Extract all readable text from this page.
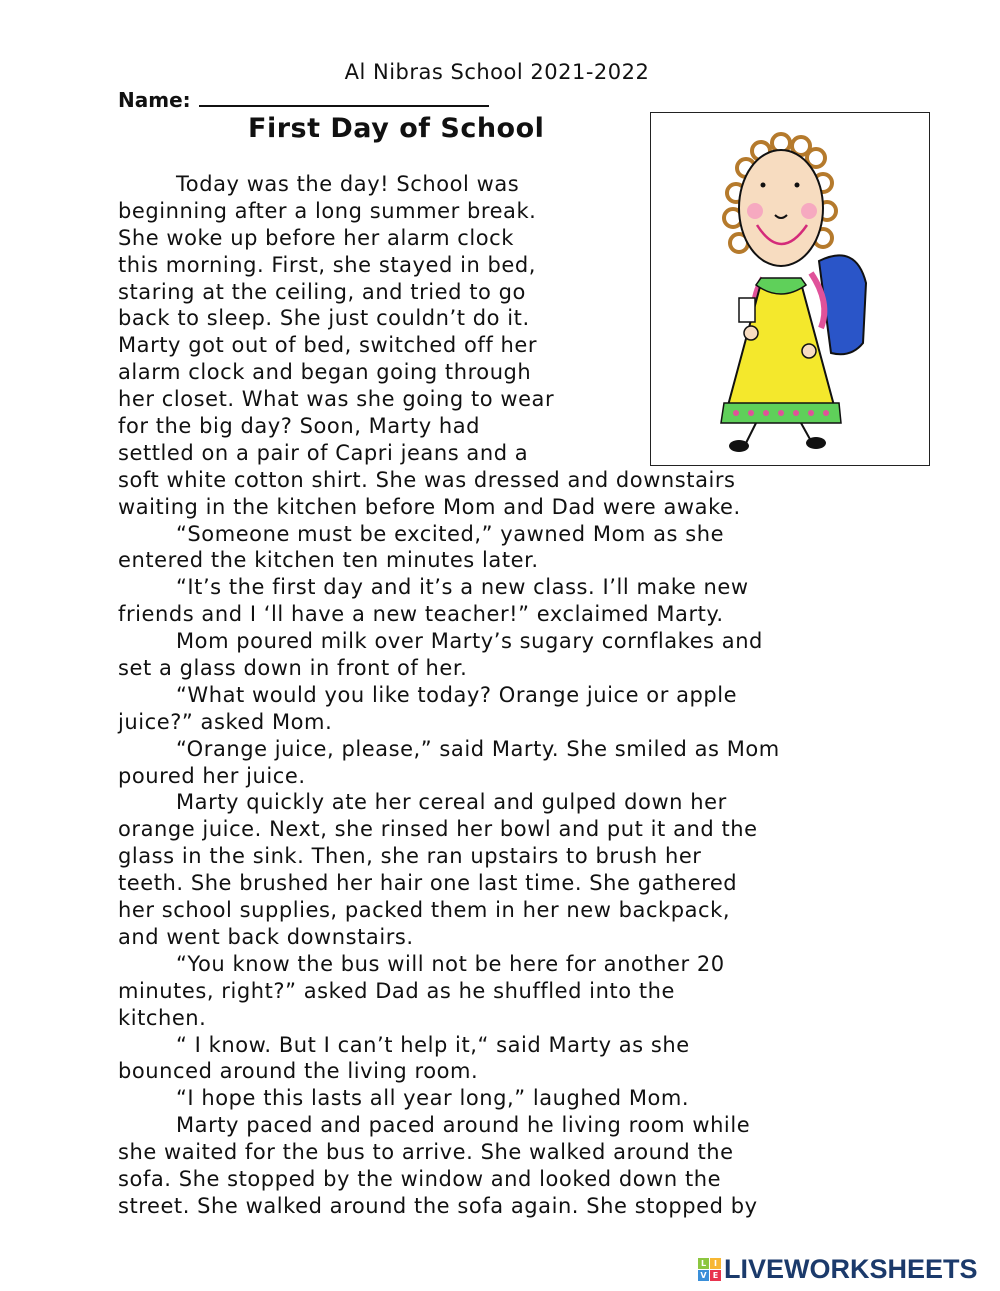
Al Nibras School 2021-2022
Name:
First Day of School
Today was the day! School was
beginning after a long summer break.
She woke up before her alarm clock
this morning. First, she stayed in bed,
staring at the ceiling, and tried to go
back to sleep. She just couldn’t do it.
Marty got out of bed, switched off her
alarm clock and began going through
her closet. What was she going to wear
for the big day? Soon, Marty had
settled on a pair of Capri jeans and a
soft white cotton shirt. She was dressed and downstairs
waiting in the kitchen before Mom and Dad were awake.
“Someone must be excited,” yawned Mom as she
entered the kitchen ten minutes later.
“It’s the first day and it’s a new class. I’ll make new
friends and I ‘ll have a new teacher!” exclaimed Marty.
Mom poured milk over Marty’s sugary cornflakes and
set a glass down in front of her.
“What would you like today? Orange juice or apple
juice?” asked Mom.
“Orange juice, please,” said Marty. She smiled as Mom
poured her juice.
Marty quickly ate her cereal and gulped down her
orange juice. Next, she rinsed her bowl and put it and the
glass in the sink. Then, she ran upstairs to brush her
teeth. She brushed her hair one last time. She gathered
her school supplies, packed them in her new backpack,
and went back downstairs.
“You know the bus will not be here for another 20
minutes, right?” asked Dad as he shuffled into the
kitchen.
“ I know. But I can’t help it,“ said Marty as she
bounced around the living room.
“I hope this lasts all year long,” laughed Mom.
Marty paced and paced around he living room while
she waited for the bus to arrive. She walked around the
sofa. She stopped by the window and looked down the
street. She walked around the sofa again. She stopped by
L I
V E LIVEWORKSHEETS
